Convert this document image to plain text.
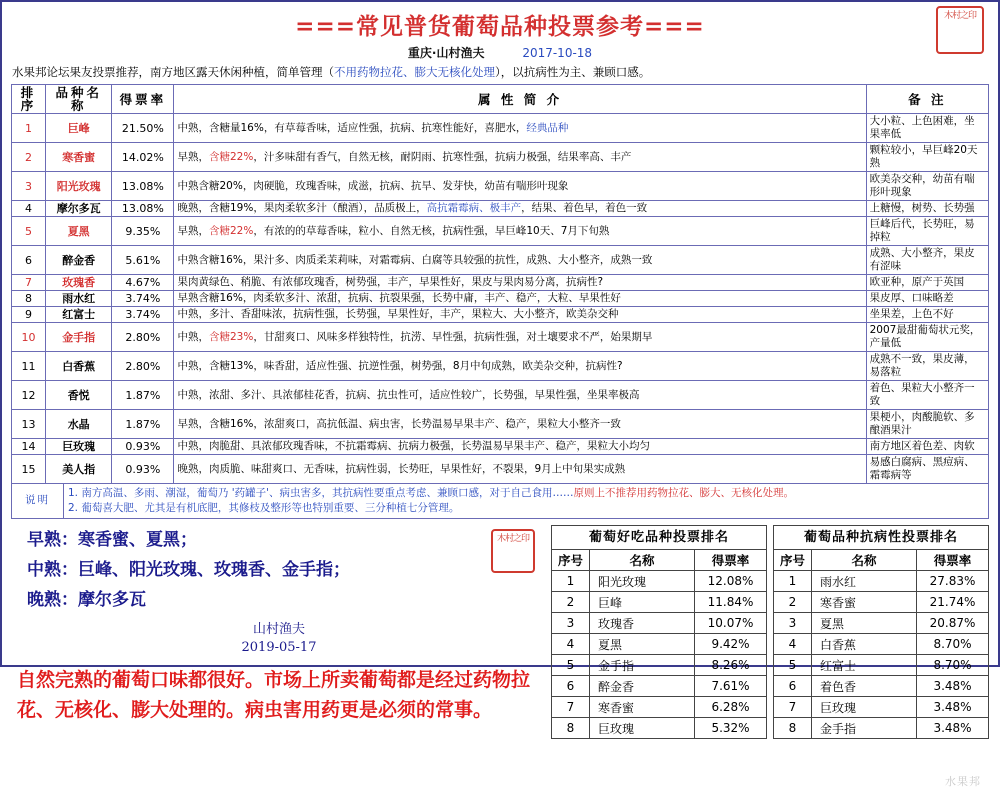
===常见普货葡萄品种投票参考===
重庆·山村渔夫	2017-10-18
木村之印
水果邦论坛果友投票推荐，南方地区露天休闲种植，简单管理（不用药物拉花、膨大无核化处理），以抗病性为主、兼顾口感。
排序	品种名称	得票率	属 性 简 介	备 注
1	巨峰	21.50%	中熟，含糖量16%，有草莓香味，适应性强，抗病、抗寒性能好，喜肥水，经典品种	大小粒、上色困难，坐果率低
2	寒香蜜	14.02%	早熟，含糖22%，汁多味甜有香气，自然无核，耐阴雨、抗寒性强，抗病力极强，结果率高、丰产	颗粒较小，早巨峰20天熟
3	阳光玫瑰	13.08%	中熟含糖20%，肉硬脆，玫瑰香味，成滋，抗病、抗旱、发芽快，幼苗有喘形叶现象	欧美杂交种，幼苗有喘形叶现象
4	摩尔多瓦	13.08%	晚熟，含糖19%，果肉柔软多汁（酿酒），品质极上，高抗霜霉病、极丰产，结果、着色早，着色一致	上糖慢，树势、长势强
5	夏黑	9.35%	早熟，含糖22%，有浓的的草莓香味，粒小、自然无核，抗病性强，早巨峰10天、7月下旬熟	巨峰后代，长势旺，易掉粒
6	醉金香	5.61%	中熟含糖16%，果汁多、肉质柔茉莉味，对霜霉病、白腐等具较强的抗性，成熟、大小整齐，成熟一致	成熟、大小整齐，果皮有涩味
7	玫瑰香	4.67%	果肉黄绿色、稍脆、有浓郁玫瑰香，树势强，丰产，早果性好，果皮与果肉易分离，抗病性?	欧亚种，原产于英国
8	雨水红	3.74%	早熟含糖16%，肉柔软多汁、浓甜，抗病、抗裂果强，长势中庸，丰产、稳产，大粒、早果性好	果皮厚、口味略差
9	红富士	3.74%	中熟，多汁、香甜味浓，抗病性强，长势强，早果性好，丰产，果粒大、大小整齐，欧美杂交种	坐果差，上色不好
10	金手指	2.80%	中熟，含糖23%，甘甜爽口、风味多样独特性，抗涝、早性强，抗病性强，对土壤要求不严，始果期早	2007最甜葡萄状元奖，产量低
11	白香蕉	2.80%	中熟，含糖13%，味香甜，适应性强、抗逆性强，树势强，8月中旬成熟，欧美杂交种，抗病性?	成熟不一致，果皮薄，易落粒
12	香悦	1.87%	中熟，浓甜、多汁、具浓郁桂花香，抗病、抗虫性可，适应性较广，长势强，早果性强，坐果率极高	着色、果粒大小整齐一致
13	水晶	1.87%	早熟，含糖16%，浓甜爽口，高抗低温、病虫害，长势温易早果丰产、稳产，果粒大小整齐一致	果梗小，肉酸脆软、多酿酒果汁
14	巨玫瑰	0.93%	中熟，肉脆甜、具浓郁玫瑰香味，不抗霜霉病、抗病力极强，长势温易早果丰产、稳产，果粒大小均匀	南方地区着色差、肉软
15	美人指	0.93%	晚熟，肉质脆、味甜爽口、无香味，抗病性弱，长势旺，早果性好，不裂果，9月上中旬果实成熟	易感白腐病、黑痘病、霜霉病等
说明
1. 南方高温、多雨、潮湿，葡萄乃 '药罐子'、病虫害多，其抗病性要重点考虑、兼顾口感，对于自己食用……原则上不推荐用药物拉花、膨大、无核化处理。
2. 葡萄喜大肥、尤其是有机底肥，其修枝及整形等也特别重要、三分种植七分管理。
早熟：寒香蜜、夏黑；
中熟：巨峰、阳光玫瑰、玫瑰香、金手指；
晚熟：摩尔多瓦
山村渔夫
2019-05-17
自然完熟的葡萄口味都很好。市场上所卖葡萄都是经过药物拉花、无核化、膨大处理的。病虫害用药更是必须的常事。
木村之印	葡萄好吃品种投票排名
序号	名称	得票率
1	阳光玫瑰	12.08%
2	巨峰	11.84%
3	玫瑰香	10.07%
4	夏黑	9.42%
5	金手指	8.26%
6	醉金香	7.61%
7	寒香蜜	6.28%
8	巨玫瑰	5.32%
葡萄品种抗病性投票排名
序号	名称	得票率
1	雨水红	27.83%
2	寒香蜜	21.74%
3	夏黑	20.87%
4	白香蕉	8.70%
5	红富士	8.70%
6	着色香	3.48%
7	巨玫瑰	3.48%
8	金手指	3.48%
水果邦
